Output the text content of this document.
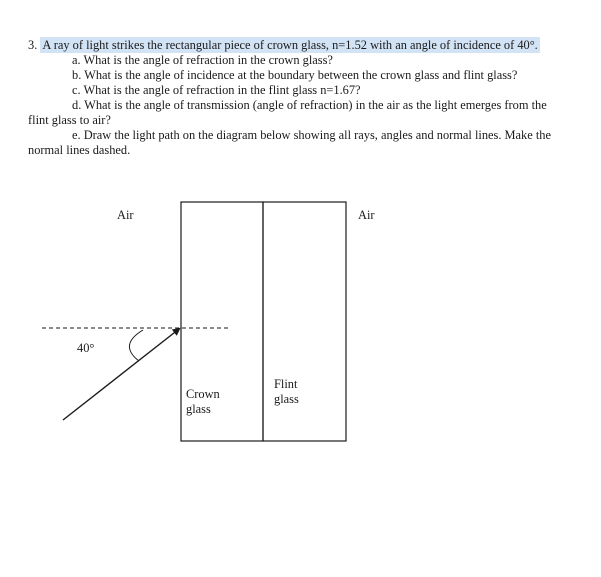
3. A ray of light strikes the rectangular piece of crown glass, n=1.52 with an angle of incidence of 40°.
a. What is the angle of refraction in the crown glass?
b. What is the angle of incidence at the boundary between the crown glass and flint glass?
c. What is the angle of refraction in the flint glass n=1.67?
d. What is the angle of transmission (angle of refraction) in the air as the light emerges from the
flint glass to air?
e. Draw the light path on the diagram below showing all rays, angles and normal lines. Make the
normal lines dashed.
Air	Air
40°
Crown
glass
Flint
glass
